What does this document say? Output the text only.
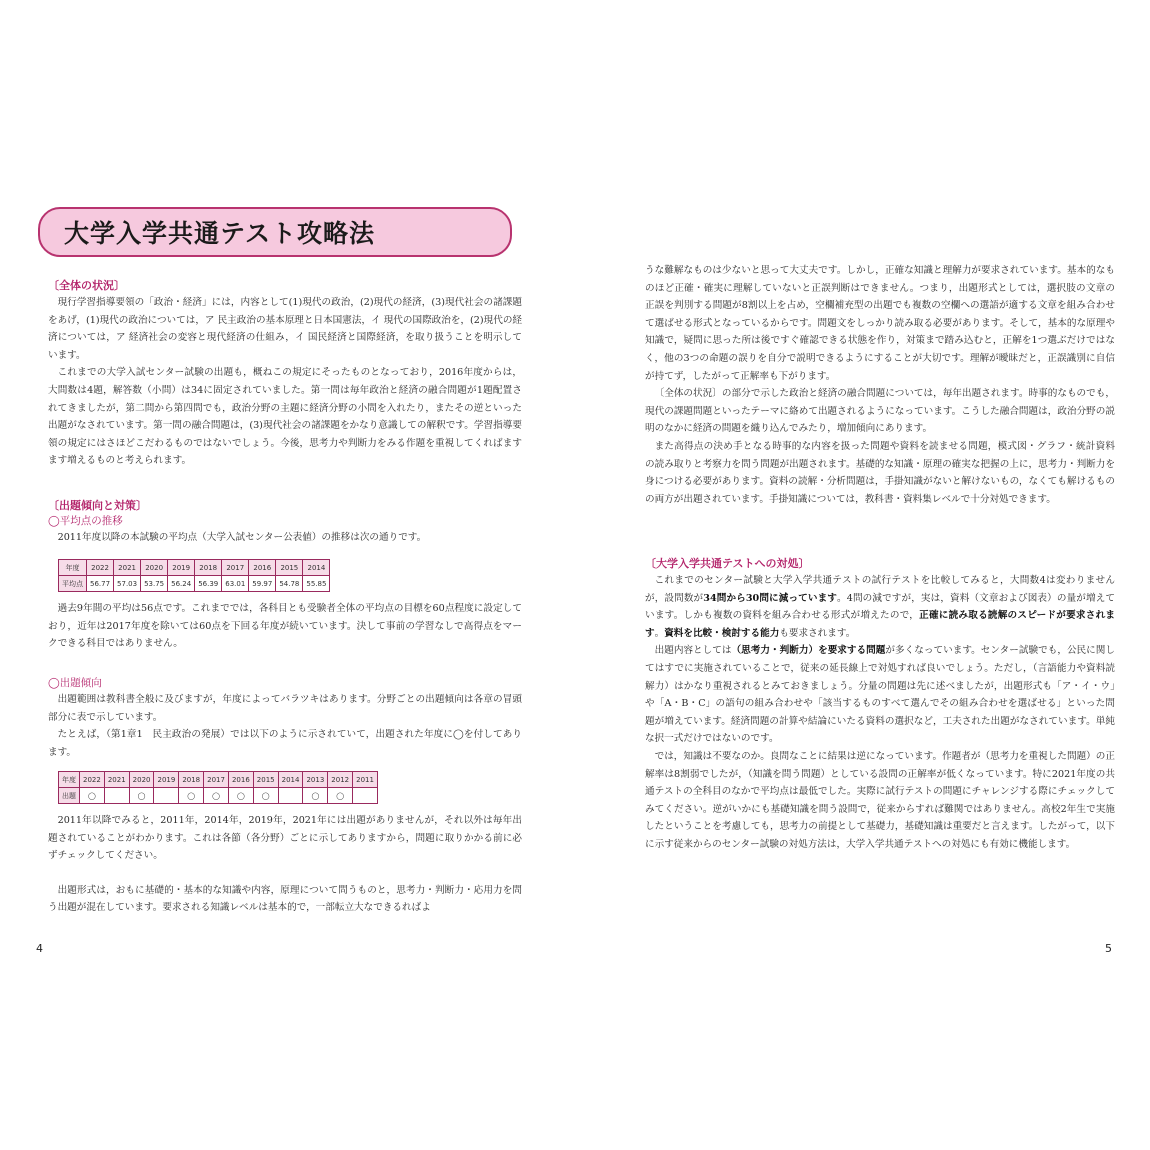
大学入学共通テスト攻略法

〔全体の状況〕

現行学習指導要領の「政治・経済」には，内容として(1)現代の政治，(2)現代の経済，(3)現代社会の諸課題をあげ，(1)現代の政治については，ア 民主政治の基本原理と日本国憲法，イ 現代の国際政治を，(2)現代の経済については，ア 経済社会の変容と現代経済の仕組み，イ 国民経済と国際経済，を取り扱うことを明示しています。

これまでの大学入試センター試験の出題も，概ねこの規定にそったものとなっており，2016年度からは，大問数は4題，解答数（小問）は34に固定されていました。第一問は毎年政治と経済の融合問題が1題配置されてきましたが，第二問から第四問でも，政治分野の主題に経済分野の小問を入れたり，またその逆といった出題がなされています。第一問の融合問題は，(3)現代社会の諸課題をかなり意識しての解釈です。学習指導要領の規定にはさほどこだわるものではないでしょう。今後，思考力や判断力をみる作題を重視してくればますます増えるものと考えられます。

〔出題傾向と対策〕

◯平均点の推移

2011年度以降の本試験の平均点（大学入試センター公表値）の推移は次の通りです。

年度	2022	2021	2020	2019	2018	2017	2016	2015	2014
平均点	56.77	57.03	53.75	56.24	56.39	63.01	59.97	54.78	55.85

過去9年間の平均は56点です。これまででは，各科目とも受験者全体の平均点の目標を60点程度に設定しており，近年は2017年度を除いては60点を下回る年度が続いています。決して事前の学習なしで高得点をマークできる科目ではありません。

◯出題傾向

出題範囲は教科書全般に及びますが，年度によってバラツキはあります。分野ごとの出題傾向は各章の冒頭部分に表で示しています。

たとえば，（第1章1　民主政治の発展）では以下のように示されていて，出題された年度に◯を付してあります。

年度	2022	2021	2020	2019	2018	2017	2016	2015	2014	2013	2012	2011
出題	◯		◯		◯	◯	◯	◯		◯	◯	

2011年以降でみると，2011年，2014年，2019年，2021年には出題がありませんが，それ以外は毎年出題されていることがわかります。これは各節（各分野）ごとに示してありますから，問題に取りかかる前に必ずチェックしてください。

出題形式は，おもに基礎的・基本的な知識や内容，原理について問うものと，思考力・判断力・応用力を問う出題が混在しています。要求される知識レベルは基本的で，一部転立大なできるればよ

4

うな難解なものは少ないと思って大丈夫です。しかし，正確な知識と理解力が要求されています。基本的なものほど正確・確実に理解していないと正誤判断はできません。つまり，出題形式としては，選択肢の文章の正誤を判別する問題が8割以上を占め，空欄補充型の出題でも複数の空欄への選語が適する文章を組み合わせて選ばせる形式となっているからです。問題文をしっかり読み取る必要があります。そして，基本的な原理や知識で，疑問に思った所は後ですぐ確認できる状態を作り，対策まで踏み込むと，正解を1つ選ぶだけではなく，他の3つの命題の誤りを自分で説明できるようにすることが大切です。理解が曖昧だと，正誤識別に自信が持てず，したがって正解率も下がります。

〔全体の状況〕の部分で示した政治と経済の融合問題については，毎年出題されます。時事的なものでも，現代の課題問題といったテーマに絡めて出題されるようになっています。こうした融合問題は，政治分野の説明のなかに経済の問題を織り込んでみたり，増加傾向にあります。

また高得点の決め手となる時事的な内容を扱った問題や資料を読ませる問題，模式図・グラフ・統計資料の読み取りと考察力を問う問題が出題されます。基礎的な知識・原理の確実な把握の上に，思考力・判断力を身につける必要があります。資料の読解・分析問題は，手掛知識がないと解けないもの，なくても解けるものの両方が出題されています。手掛知識については，教科書・資料集レベルで十分対処できます。

〔大学入学共通テストへの対処〕

これまでのセンター試験と大学入学共通テストの試行テストを比較してみると，大問数4は変わりませんが，設問数が34問から30問に減っています。4問の減ですが，実は，資料（文章および図表）の量が増えています。しかも複数の資料を組み合わせる形式が増えたので，正確に読み取る読解のスピードが要求されます。資料を比較・検討する能力も要求されます。

出題内容としては（思考力・判断力）を要求する問題が多くなっています。センター試験でも，公民に関してはすでに実施されていることで，従来の延長線上で対処すれば良いでしょう。ただし，（言語能力や資料読解力）はかなり重視されるとみておきましょう。分量の問題は先に述べましたが，出題形式も「ア・イ・ウ」や「A・B・C」の語句の組み合わせや「該当するものすべて選んでその組み合わせを選ばせる」といった問題が増えています。経済問題の計算や結論にいたる資料の選択など，工夫された出題がなされています。単純な択一式だけではないのです。

では，知識は不要なのか。良問なことに結果は逆になっています。作題者が（思考力を重視した問題）の正解率は8割弱でしたが，（知識を問う問題）としている設問の正解率が低くなっています。特に2021年度の共通テストの全科目のなかで平均点は最低でした。実際に試行テストの問題にチャレンジする際にチェックしてみてください。逆がいかにも基礎知識を問う設問で，従来からすれば難関ではありません。高校2年生で実施したということを考慮しても，思考力の前提として基礎力，基礎知識は重要だと言えます。したがって，以下に示す従来からのセンター試験の対処方法は，大学入学共通テストへの対処にも有効に機能します。

5
